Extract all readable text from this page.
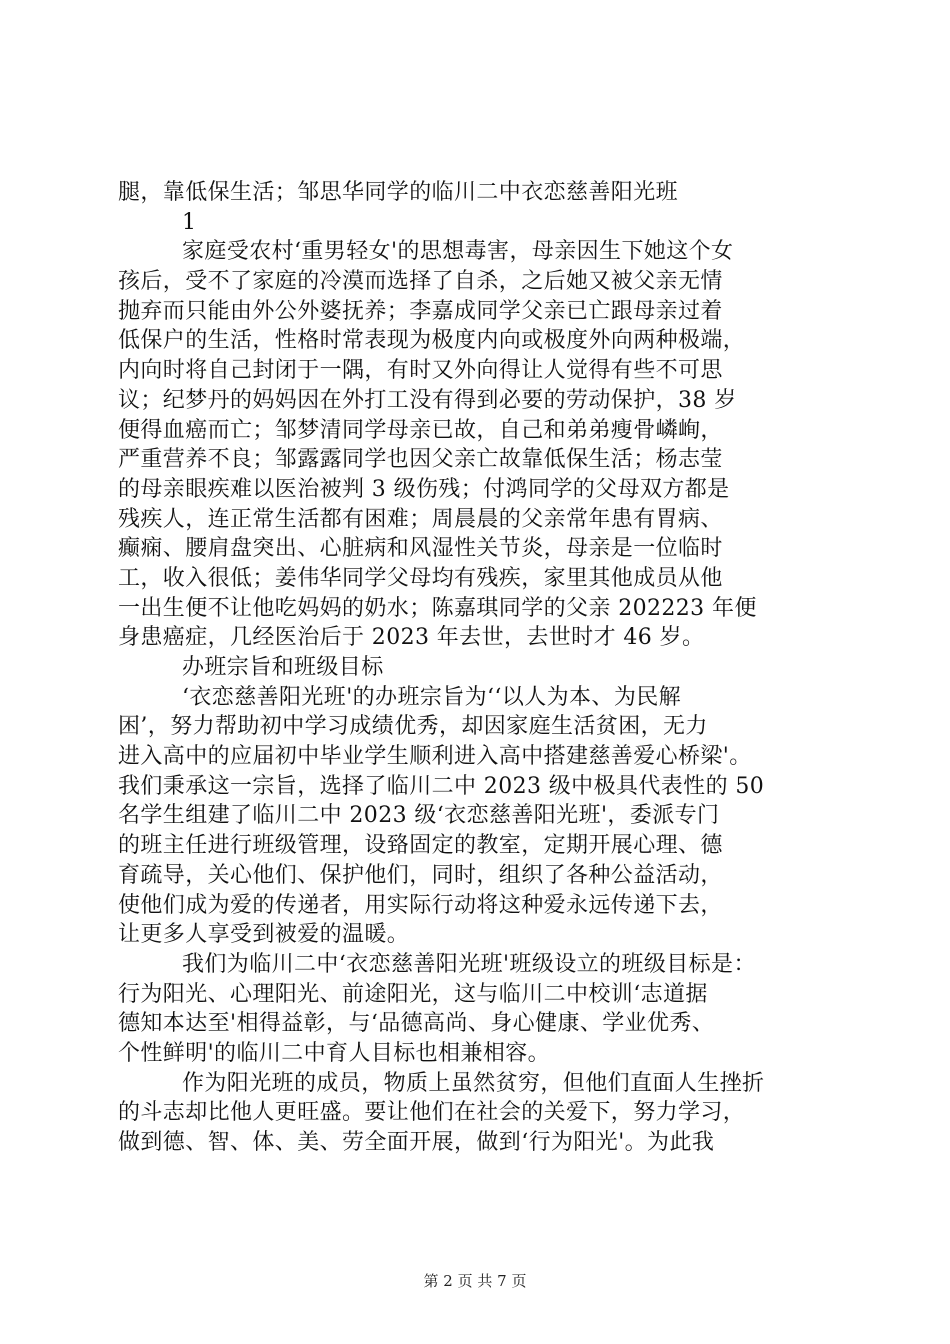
腿，靠低保生活；邹思华同学的临川二中衣恋慈善阳光班
1
家庭受农村‘重男轻女'的思想毒害，母亲因生下她这个女
孩后，受不了家庭的冷漠而选择了自杀，之后她又被父亲无情
抛弃而只能由外公外婆抚养；李嘉成同学父亲已亡跟母亲过着
低保户的生活，性格时常表现为极度内向或极度外向两种极端，
内向时将自己封闭于一隅，有时又外向得让人觉得有些不可思
议；纪梦丹的妈妈因在外打工没有得到必要的劳动保护，38 岁
便得血癌而亡；邹梦清同学母亲已故，自己和弟弟瘦骨嶙峋，
严重营养不良；邹露露同学也因父亲亡故靠低保生活；杨志莹
的母亲眼疾难以医治被判 3 级伤残；付鸿同学的父母双方都是
残疾人，连正常生活都有困难；周晨晨的父亲常年患有胃病、
癫痫、腰肩盘突出、心脏病和风湿性关节炎，母亲是一位临时
工，收入很低；姜伟华同学父母均有残疾，家里其他成员从他
一出生便不让他吃妈妈的奶水；陈嘉琪同学的父亲 202223 年便
身患癌症，几经医治后于 2023 年去世，去世时才 46 岁。
办班宗旨和班级目标
‘衣恋慈善阳光班'的办班宗旨为‘‘以人为本、为民解
困’，努力帮助初中学习成绩优秀，却因家庭生活贫困，无力
进入高中的应届初中毕业学生顺利进入高中搭建慈善爱心桥梁'。
我们秉承这一宗旨，选择了临川二中 2023 级中极具代表性的 50
名学生组建了临川二中 2023 级‘衣恋慈善阳光班'，委派专门
的班主任进行班级管理，设臵固定的教室，定期开展心理、德
育疏导，关心他们、保护他们，同时，组织了各种公益活动，
使他们成为爱的传递者，用实际行动将这种爱永远传递下去，
让更多人享受到被爱的温暖。
我们为临川二中‘衣恋慈善阳光班'班级设立的班级目标是：
行为阳光、心理阳光、前途阳光，这与临川二中校训‘志道据
德知本达至'相得益彰，与‘品德高尚、身心健康、学业优秀、
个性鲜明'的临川二中育人目标也相兼相容。
作为阳光班的成员，物质上虽然贫穷，但他们直面人生挫折
的斗志却比他人更旺盛。要让他们在社会的关爱下，努力学习，
做到德、智、体、美、劳全面开展，做到‘行为阳光'。为此我
第 2 页 共 7 页
